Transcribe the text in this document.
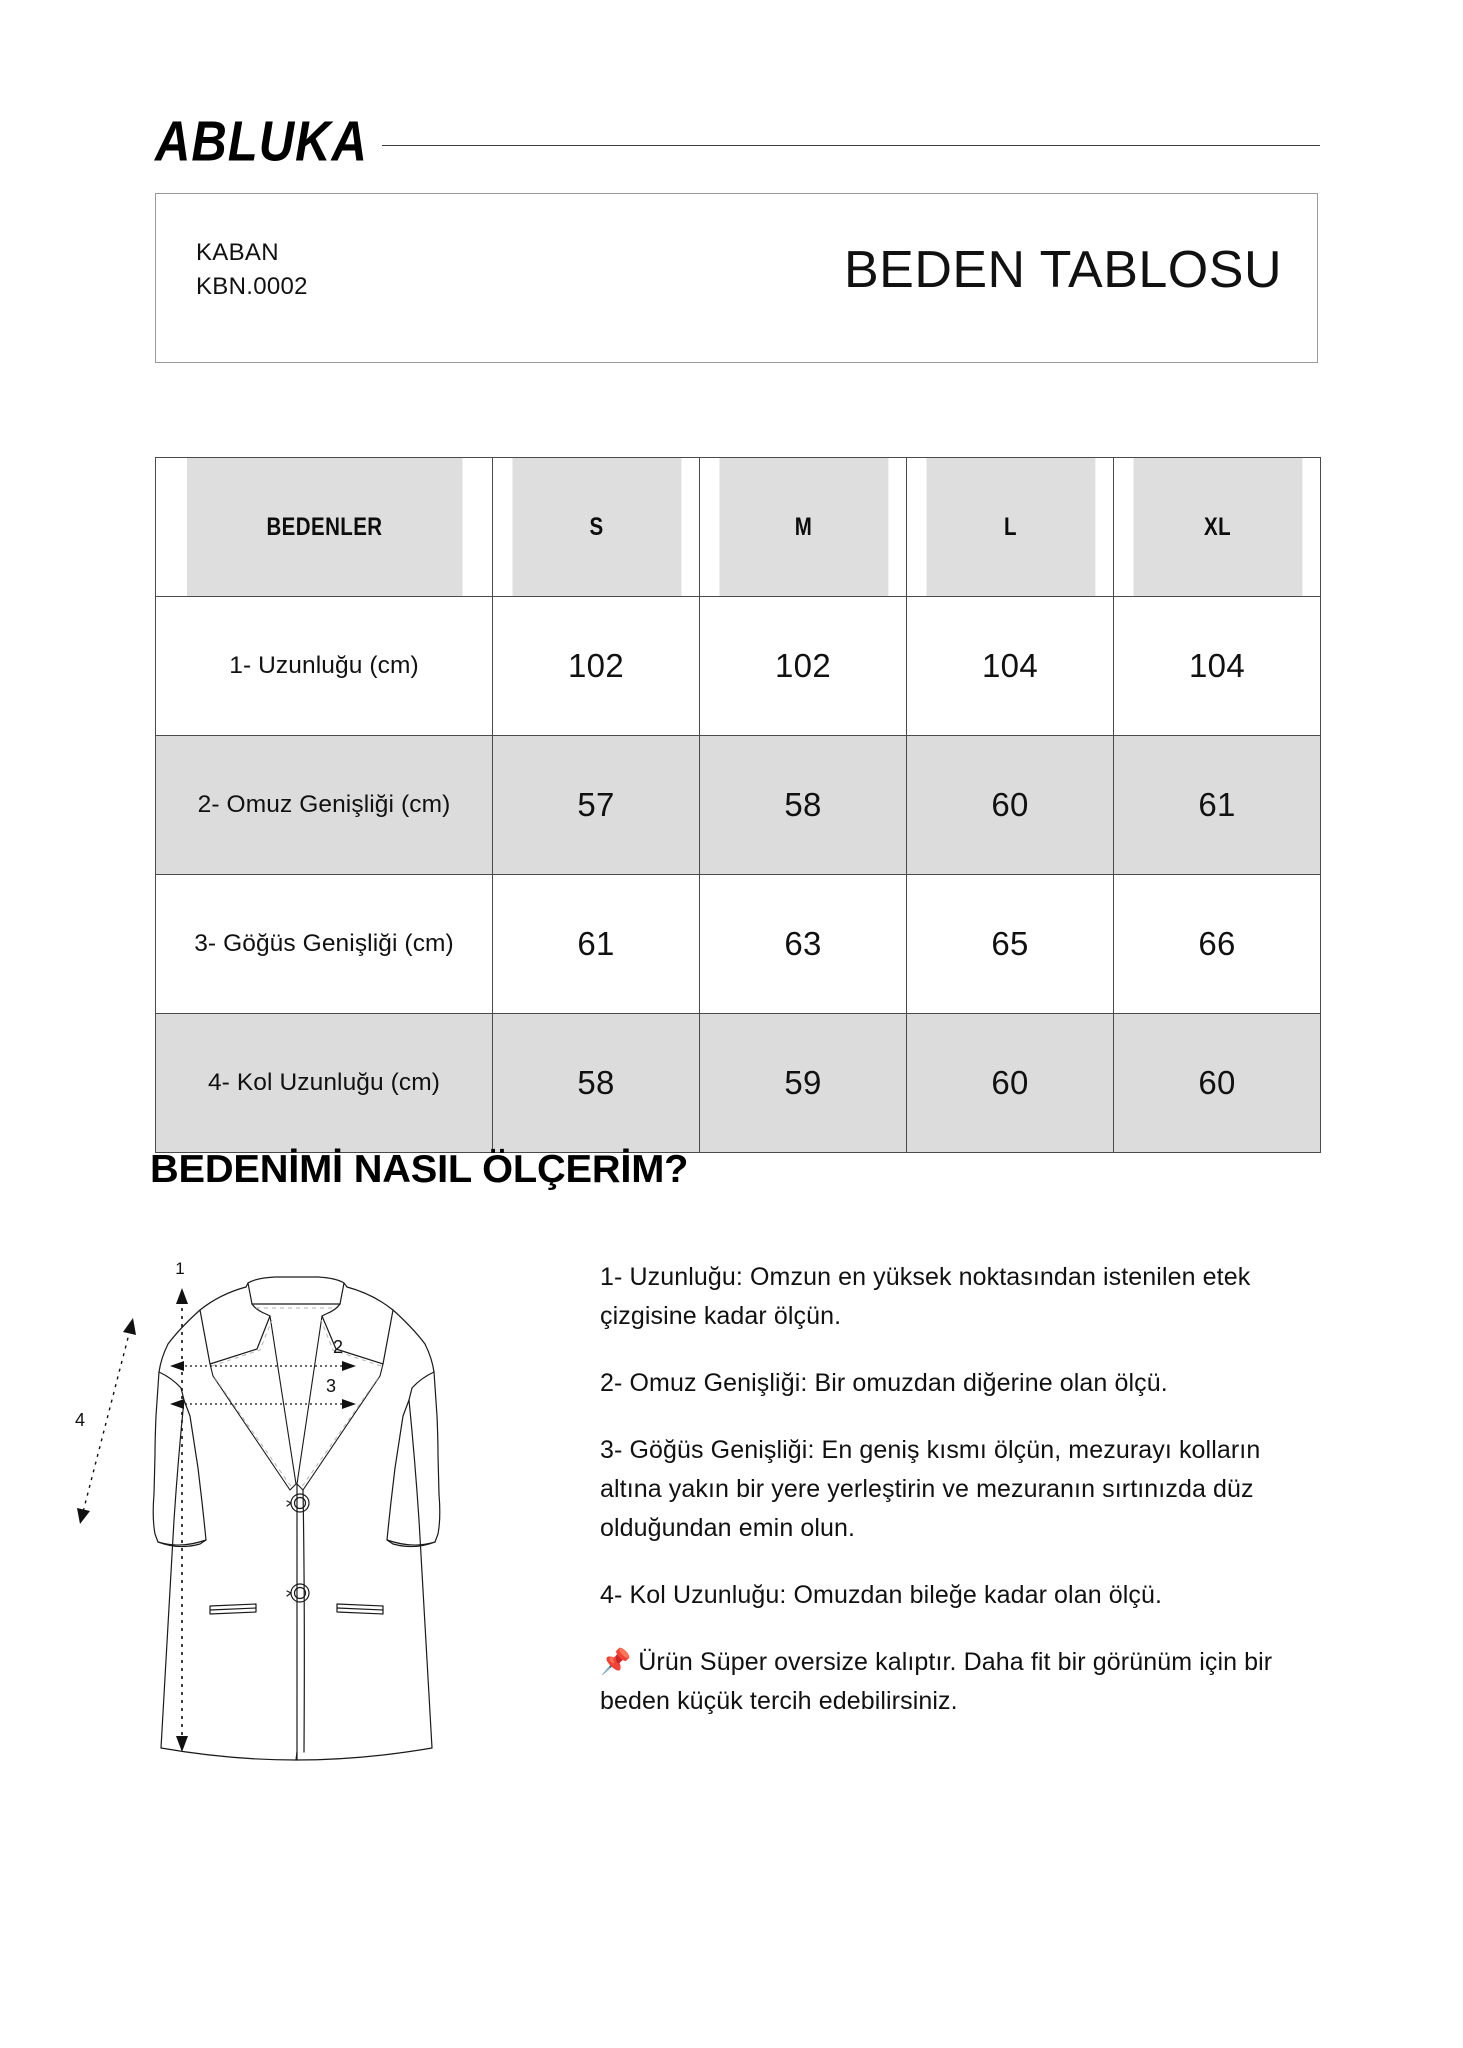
ABLUKA
KABAN
KBN.0002	BEDEN TABLOSU
BEDENLER	S	M	L	XL
1- Uzunluğu (cm)	102	102	104	104
2- Omuz Genişliği (cm)	57	58	60	61
3- Göğüs Genişliği (cm)	61	63	65	66
4- Kol Uzunluğu (cm)	58	59	60	60
BEDENİMİ NASIL ÖLÇERİM?
1
2
3
4

1- Uzunluğu: Omzun en yüksek noktasından istenilen etek çizgisine kadar ölçün.

2- Omuz Genişliği: Bir omuzdan diğerine olan ölçü.

3- Göğüs Genişliği: En geniş kısmı ölçün, mezurayı kolların altına yakın bir yere yerleştirin ve mezuranın sırtınızda düz olduğundan emin olun.

4- Kol Uzunluğu: Omuzdan bileğe kadar olan ölçü.

📌 Ürün Süper oversize kalıptır. Daha fit bir görünüm için bir beden küçük tercih edebilirsiniz.
